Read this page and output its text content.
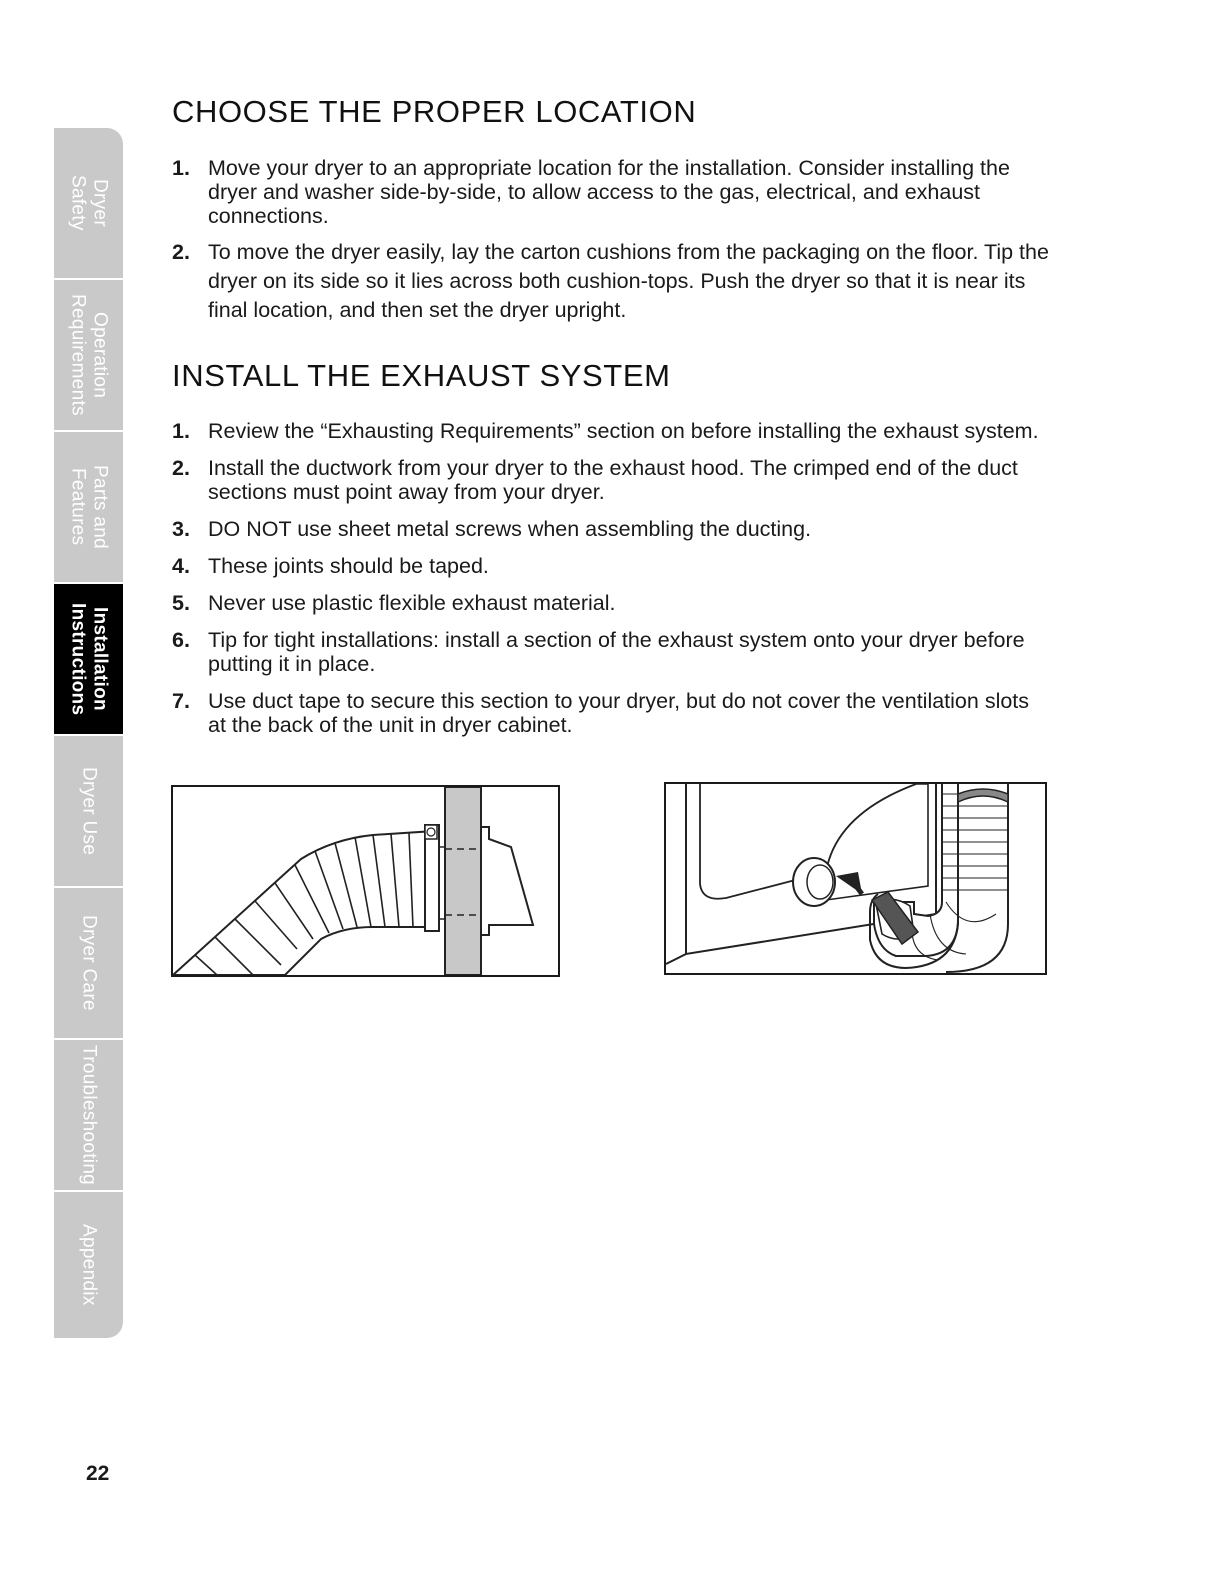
Dryer
Safety
Operation
Requirements
Parts and
Features
Installation
Instructions
Dryer Use
Dryer Care
Troubleshooting
Appendix
CHOOSE THE PROPER LOCATION
1. Move your dryer to an appropriate location for the installation. Consider installing the dryer and washer side-by-side, to allow access to the gas, electrical, and exhaust connections.
2. To move the dryer easily, lay the carton cushions from the packaging on the floor. Tip the dryer on its side so it lies across both cushion-tops. Push the dryer so that it is near its final location, and then set the dryer upright.
INSTALL THE EXHAUST SYSTEM
1. Review the “Exhausting Requirements” section on before installing the exhaust system.
2. Install the ductwork from your dryer to the exhaust hood. The crimped end of the duct sections must point away from your dryer.
3. DO NOT use sheet metal screws when assembling the ducting.
4. These joints should be taped.
5. Never use plastic flexible exhaust material.
6. Tip for tight installations: install a section of the exhaust system onto your dryer before putting it in place.
7. Use duct tape to secure this section to your dryer, but do not cover the ventilation slots at the back of the unit in dryer cabinet.
22
